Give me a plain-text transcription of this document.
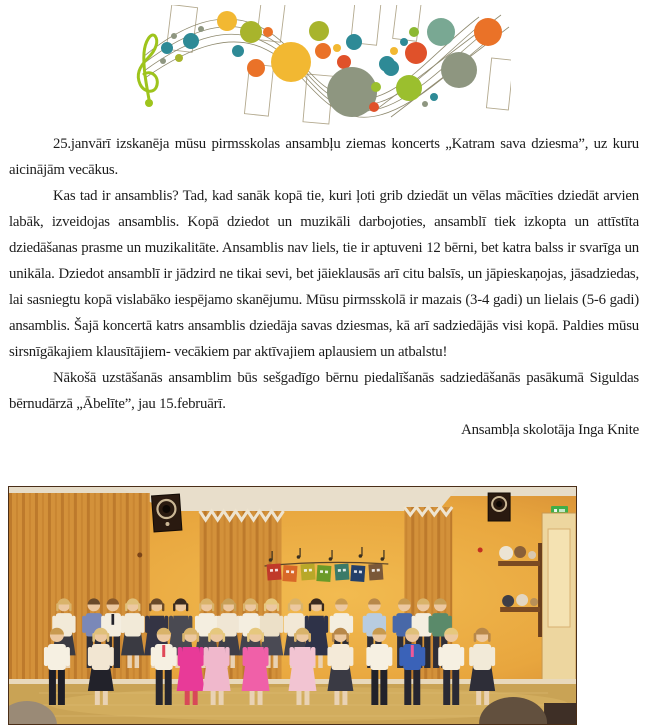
25.janvārī izskanēja mūsu pirmsskolas ansambļu ziemas koncerts „Katram sava dziesma”, uz kuru aicinājām vecākus.

Kas tad ir ansamblis? Tad, kad sanāk kopā tie, kuri ļoti grib dziedāt un vēlas mācīties dziedāt arvien labāk, izveidojas ansamblis. Kopā dziedot un muzikāli darbojoties, ansamblī tiek izkopta un attīstīta dziedāšanas prasme un muzikalitāte. Ansamblis nav liels, tie ir aptuveni 12 bērni, bet katra balss ir svarīga un unikāla. Dziedot ansamblī ir jādzird ne tikai sevi, bet jāieklausās arī citu balsīs, un jāpieskaņojas, jāsadziedas, lai sasniegtu kopā vislabāko iespējamo skanējumu. Mūsu pirmsskolā ir mazais (3-4 gadi) un lielais (5-6 gadi) ansamblis. Šajā koncertā katrs ansamblis dziedāja savas dziesmas, kā arī sadziedājās visi kopā. Paldies mūsu sirsnīgākajiem klausītājiem- vecākiem par aktīvajiem aplausiem un atbalstu!

Nākošā uzstāšanās ansamblim būs sešgadīgo bērnu piedalīšanās sadziedāšanās pasākumā Siguldas bērnudārzā „Ābelīte”, jau 15.februārī.

Ansambļa skolotāja Inga Knite
